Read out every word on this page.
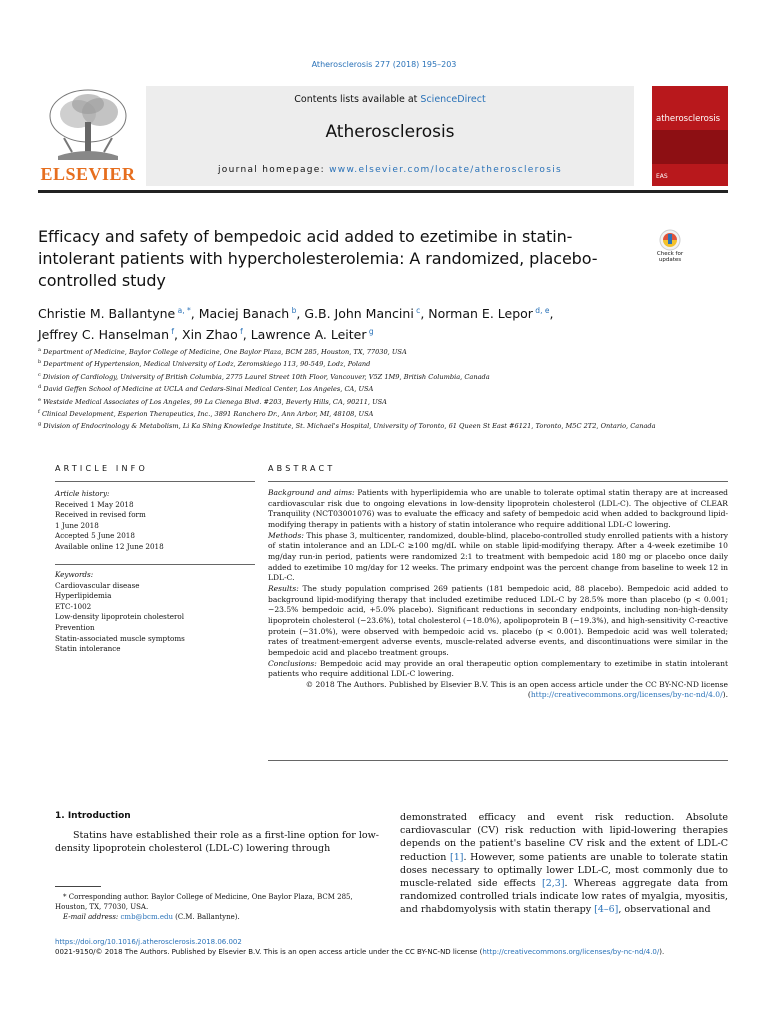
Atherosclerosis 277 (2018) 195–203
ELSEVIER
Contents lists available at ScienceDirect
Atherosclerosis
journal homepage: www.elsevier.com/locate/atherosclerosis
atherosclerosis
EAS
Efficacy and safety of bempedoic acid added to ezetimibe in statin-intolerant patients with hypercholesterolemia: A randomized, placebo-controlled study
Check for updates
Christie M. Ballantyne $^{a, *}$, Maciej Banach $^b$, G.B. John Mancini $^c$, Norman E. Lepor $^{d, e}$,
Jeffrey C. Hanselman $^f$, Xin Zhao $^f$, Lawrence A. Leiter $^g$
$^a$ Department of Medicine, Baylor College of Medicine, One Baylor Plaza, BCM 285, Houston, TX, 77030, USA
$^b$ Department of Hypertension, Medical University of Lodz, Zeromskiego 113, 90-549, Lodz, Poland
$^c$ Division of Cardiology, University of British Columbia, 2775 Laurel Street 10th Floor, Vancouver, V5Z 1M9, British Columbia, Canada
$^d$ David Geffen School of Medicine at UCLA and Cedars-Sinai Medical Center, Los Angeles, CA, USA
$^e$ Westside Medical Associates of Los Angeles, 99 La Cienega Blvd. #203, Beverly Hills, CA, 90211, USA
$^f$ Clinical Development, Esperion Therapeutics, Inc., 3891 Ranchero Dr., Ann Arbor, MI, 48108, USA
$^g$ Division of Endocrinology & Metabolism, Li Ka Shing Knowledge Institute, St. Michael's Hospital, University of Toronto, 61 Queen St East #6121, Toronto, M5C 2T2, Ontario, Canada
ARTICLE INFO	ABSTRACT
Article history:
Received 1 May 2018
Received in revised form
1 June 2018
Accepted 5 June 2018
Available online 12 June 2018
Keywords:
Cardiovascular disease
Hyperlipidemia
ETC-1002
Low-density lipoprotein cholesterol
Prevention
Statin-associated muscle symptoms
Statin intolerance

Background and aims: Patients with hyperlipidemia who are unable to tolerate optimal statin therapy are at increased cardiovascular risk due to ongoing elevations in low-density lipoprotein cholesterol (LDL-C). The objective of CLEAR Tranquility (NCT03001076) was to evaluate the efficacy and safety of bempedoic acid when added to background lipid-modifying therapy in patients with a history of statin intolerance who require additional LDL-C lowering.

Methods: This phase 3, multicenter, randomized, double-blind, placebo-controlled study enrolled patients with a history of statin intolerance and an LDL-C ≥100 mg/dL while on stable lipid-modifying therapy. After a 4-week ezetimibe 10 mg/day run-in period, patients were randomized 2:1 to treatment with bempedoic acid 180 mg or placebo once daily added to ezetimibe 10 mg/day for 12 weeks. The primary endpoint was the percent change from baseline to week 12 in LDL-C.

Results: The study population comprised 269 patients (181 bempedoic acid, 88 placebo). Bempedoic acid added to background lipid-modifying therapy that included ezetimibe reduced LDL-C by 28.5% more than placebo (p < 0.001; −23.5% bempedoic acid, +5.0% placebo). Significant reductions in secondary endpoints, including non-high-density lipoprotein cholesterol (−23.6%), total cholesterol (−18.0%), apolipoprotein B (−19.3%), and high-sensitivity C-reactive protein (−31.0%), were observed with bempedoic acid vs. placebo (p < 0.001). Bempedoic acid was well tolerated; rates of treatment-emergent adverse events, muscle-related adverse events, and discontinuations were similar in the bempedoic acid and placebo treatment groups.

Conclusions: Bempedoic acid may provide an oral therapeutic option complementary to ezetimibe in statin intolerant patients who require additional LDL-C lowering.

© 2018 The Authors. Published by Elsevier B.V. This is an open access article under the CC BY-NC-ND license (http://creativecommons.org/licenses/by-nc-nd/4.0/).

1. Introduction
Statins have established their role as a first-line option for low-density lipoprotein cholesterol (LDL-C) lowering through
demonstrated efficacy and event risk reduction. Absolute cardiovascular (CV) risk reduction with lipid-lowering therapies depends on the patient's baseline CV risk and the extent of LDL-C reduction [1]. However, some patients are unable to tolerate statin doses necessary to optimally lower LDL-C, most commonly due to muscle-related side effects [2,3]. Whereas aggregate data from randomized controlled trials indicate low rates of myalgia, myositis, and rhabdomyolysis with statin therapy [4–6], observational and
* Corresponding author. Baylor College of Medicine, One Baylor Plaza, BCM 285, Houston, TX, 77030, USA.
E-mail address: cmb@bcm.edu (C.M. Ballantyne).
https://doi.org/10.1016/j.atherosclerosis.2018.06.002
0021-9150/© 2018 The Authors. Published by Elsevier B.V. This is an open access article under the CC BY-NC-ND license (http://creativecommons.org/licenses/by-nc-nd/4.0/).
